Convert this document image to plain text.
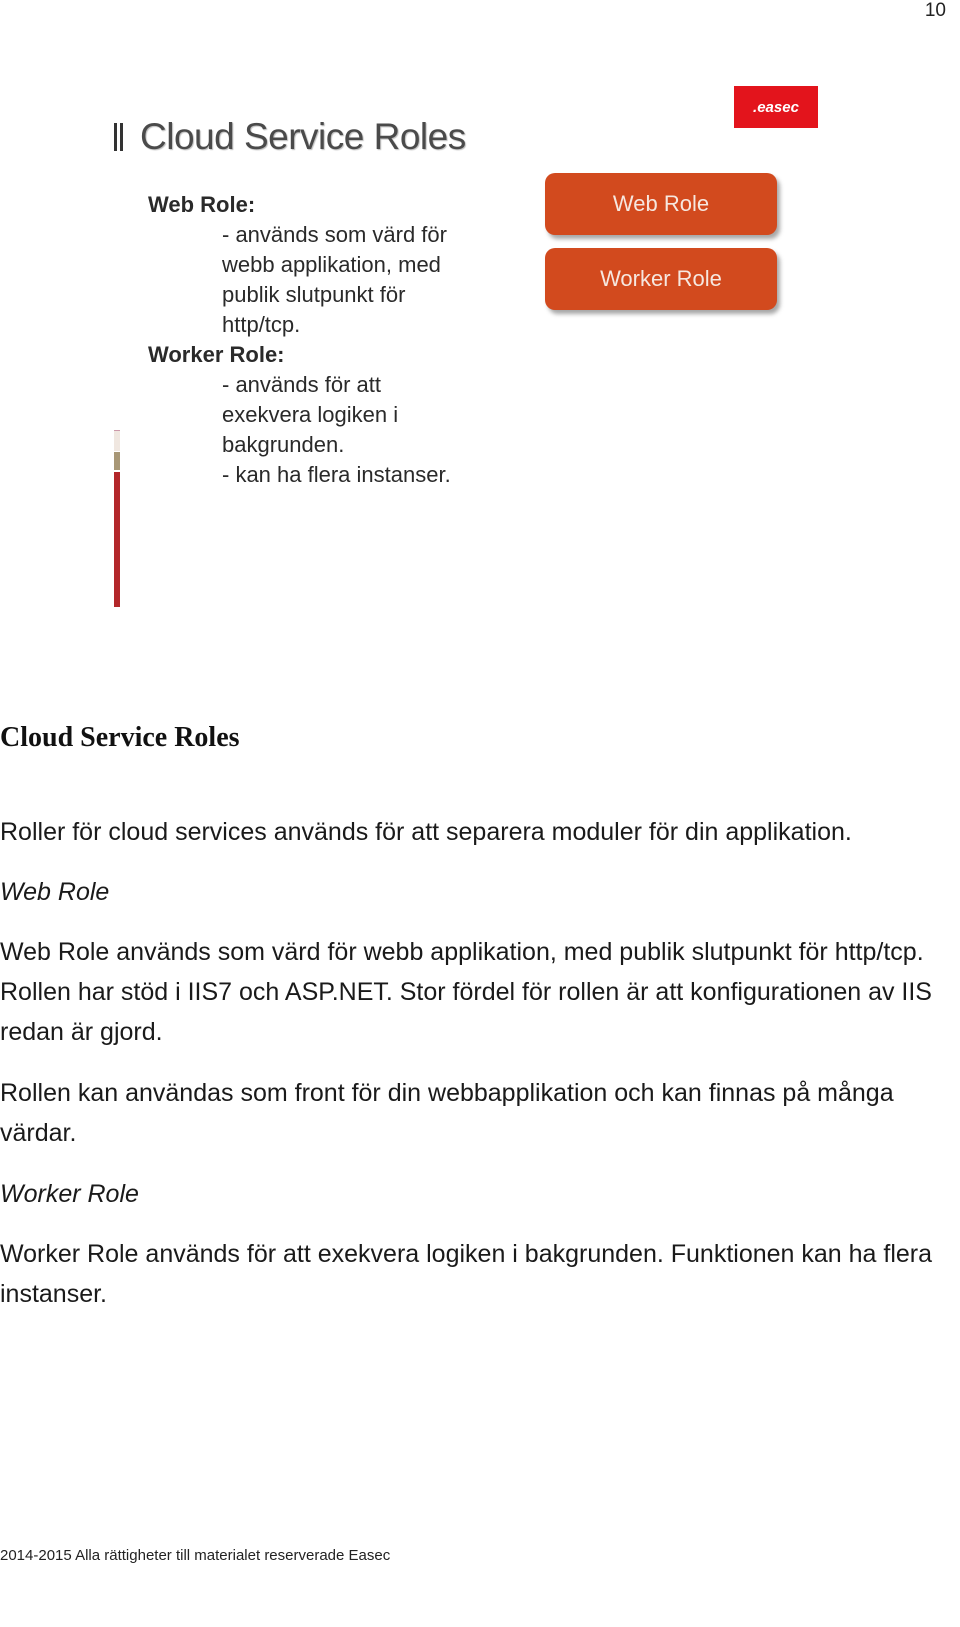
10
Cloud Service Roles
.easec
Web Role:
- används som värd för
webb applikation, med
publik slutpunkt för
http/tcp.
Worker Role:
- används för att
exekvera logiken i
bakgrunden.
- kan ha flera instanser.
Web Role
Worker Role
Cloud Service Roles
Roller för cloud services används för att separera moduler för din applikation.
Web Role
Web Role används som värd för webb applikation, med publik slutpunkt för http/tcp. Rollen har stöd i IIS7 och ASP.NET. Stor fördel för rollen är att konfigurationen av IIS redan är gjord.
Rollen kan användas som front för din webbapplikation och kan finnas på många värdar.
Worker Role
Worker Role används för att exekvera logiken i bakgrunden. Funktionen kan ha flera instanser.
2014-2015 Alla rättigheter till materialet reserverade Easec
